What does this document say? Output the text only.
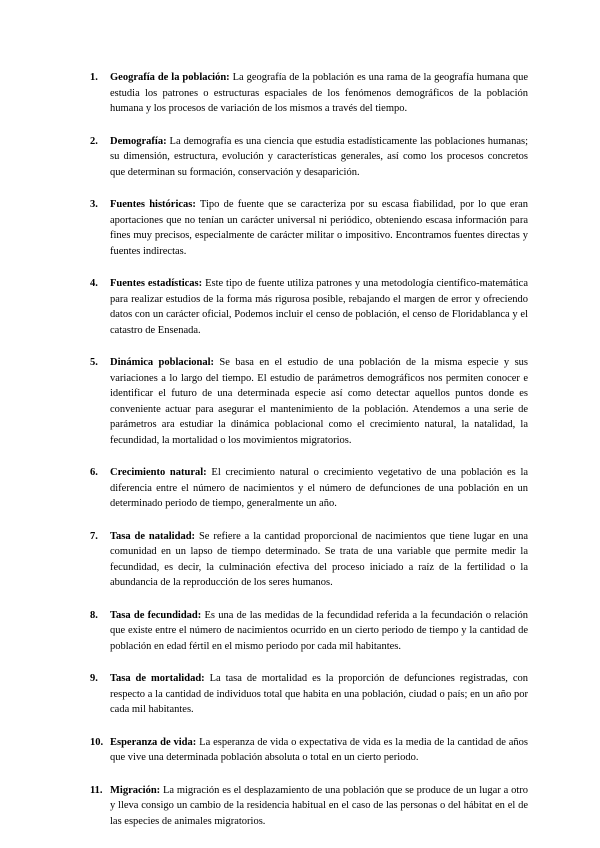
1. Geografía de la población: La geografía de la población es una rama de la geografía humana que estudia los patrones o estructuras espaciales de los fenómenos demográficos de la población humana y los procesos de variación de los mismos a través del tiempo.
2. Demografía: La demografía es una ciencia que estudia estadísticamente las poblaciones humanas; su dimensión, estructura, evolución y características generales, así como los procesos concretos que determinan su formación, conservación y desaparición.
3. Fuentes históricas: Tipo de fuente que se caracteriza por su escasa fiabilidad, por lo que eran aportaciones que no tenían un carácter universal ni periódico, obteniendo escasa información para fines muy precisos, especialmente de carácter militar o impositivo. Encontramos fuentes directas y fuentes indirectas.
4. Fuentes estadísticas: Este tipo de fuente utiliza patrones y una metodología científico-matemática para realizar estudios de la forma más rigurosa posible, rebajando el margen de error y ofreciendo datos con un carácter oficial, Podemos incluir el censo de población, el censo de Floridablanca y el catastro de Ensenada.
5. Dinámica poblacional: Se basa en el estudio de una población de la misma especie y sus variaciones a lo largo del tiempo. El estudio de parámetros demográficos nos permiten conocer e identificar el futuro de una determinada especie así como detectar aquellos puntos donde es conveniente actuar para asegurar el mantenimiento de la población. Atendemos a una serie de parámetros ara estudiar la dinámica poblacional como el crecimiento natural, la natalidad, la fecundidad, la mortalidad o los movimientos migratorios.
6. Crecimiento natural: El crecimiento natural o crecimiento vegetativo de una población es la diferencia entre el número de nacimientos y el número de defunciones de una población en un determinado periodo de tiempo, generalmente un año.
7. Tasa de natalidad: Se refiere a la cantidad proporcional de nacimientos que tiene lugar en una comunidad en un lapso de tiempo determinado. Se trata de una variable que permite medir la fecundidad, es decir, la culminación efectiva del proceso iniciado a raíz de la fertilidad o la abundancia de la reproducción de los seres humanos.
8. Tasa de fecundidad: Es una de las medidas de la fecundidad referida a la fecundación o relación que existe entre el número de nacimientos ocurrido en un cierto periodo de tiempo y la cantidad de población en edad fértil en el mismo periodo por cada mil habitantes.
9. Tasa de mortalidad: La tasa de mortalidad es la proporción de defunciones registradas, con respecto a la cantidad de individuos total que habita en una población, ciudad o país; en un año por cada mil habitantes.
10. Esperanza de vida: La esperanza de vida o expectativa de vida es la media de la cantidad de años que vive una determinada población absoluta o total en un cierto periodo.
11. Migración: La migración es el desplazamiento de una población que se produce de un lugar a otro y lleva consigo un cambio de la residencia habitual en el caso de las personas o del hábitat en el de las especies de animales migratorios.
